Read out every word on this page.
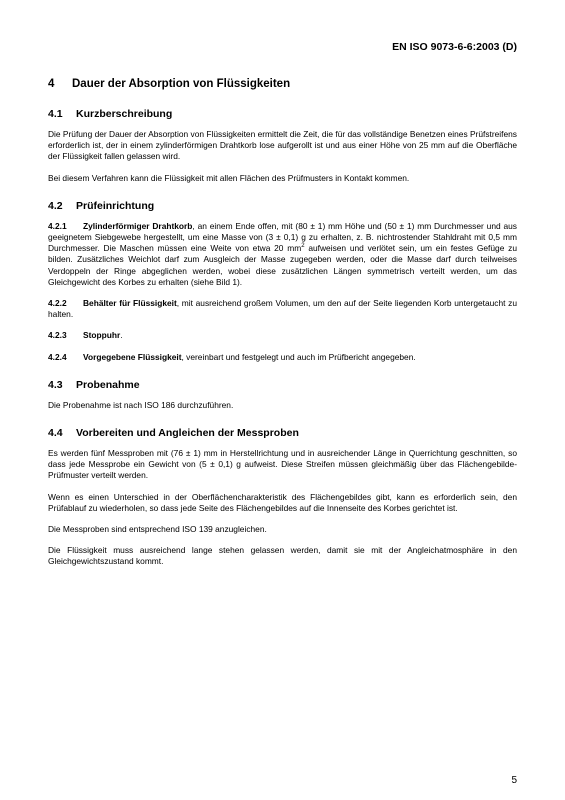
EN ISO 9073-6-6:2003 (D)
4 Dauer der Absorption von Flüssigkeiten
4.1 Kurzberschreibung

Die Prüfung der Dauer der Absorption von Flüssigkeiten ermittelt die Zeit, die für das vollständige Benetzen eines Prüfstreifens erforderlich ist, der in einem zylinderförmigen Drahtkorb lose aufgerollt ist und aus einer Höhe von 25 mm auf die Oberfläche der Flüssigkeit fallen gelassen wird.

Bei diesem Verfahren kann die Flüssigkeit mit allen Flächen des Prüfmusters in Kontakt kommen.

4.2 Prüfeinrichtung

4.2.1 Zylinderförmiger Drahtkorb, an einem Ende offen, mit (80 ± 1) mm Höhe und (50 ± 1) mm Durchmesser und aus geeignetem Siebgewebe hergestellt, um eine Masse von (3 ± 0,1) g zu erhalten, z. B. nichtrostender Stahldraht mit 0,5 mm Durchmesser. Die Maschen müssen eine Weite von etwa 20 $mm^2$ aufweisen und verlötet sein, um ein festes Gefüge zu bilden. Zusätzliches Weichlot darf zum Ausgleich der Masse zugegeben werden, oder die Masse darf durch teilweises Verdoppeln der Ringe abgeglichen werden, wobei diese zusätzlichen Längen symmetrisch verteilt werden, um das Gleichgewicht des Korbes zu erhalten (siehe Bild 1).

4.2.2 Behälter für Flüssigkeit, mit ausreichend großem Volumen, um den auf der Seite liegenden Korb untergetaucht zu halten.

4.2.3 Stoppuhr.

4.2.4 Vorgegebene Flüssigkeit, vereinbart und festgelegt und auch im Prüfbericht angegeben.

4.3 Probenahme

Die Probenahme ist nach ISO 186 durchzuführen.

4.4 Vorbereiten und Angleichen der Messproben

Es werden fünf Messproben mit (76 ± 1) mm in Herstellrichtung und in ausreichender Länge in Querrichtung geschnitten, so dass jede Messprobe ein Gewicht von (5 ± 0,1) g aufweist. Diese Streifen müssen gleichmäßig über das Flächengebilde-Prüfmuster verteilt werden.

Wenn es einen Unterschied in der Oberflächencharakteristik des Flächengebildes gibt, kann es erforderlich sein, den Prüfablauf zu wiederholen, so dass jede Seite des Flächengebildes auf die Innenseite des Korbes gerichtet ist.

Die Messproben sind entsprechend ISO 139 anzugleichen.

Die Flüssigkeit muss ausreichend lange stehen gelassen werden, damit sie mit der Angleichatmosphäre in den Gleichgewichtszustand kommt.

5
